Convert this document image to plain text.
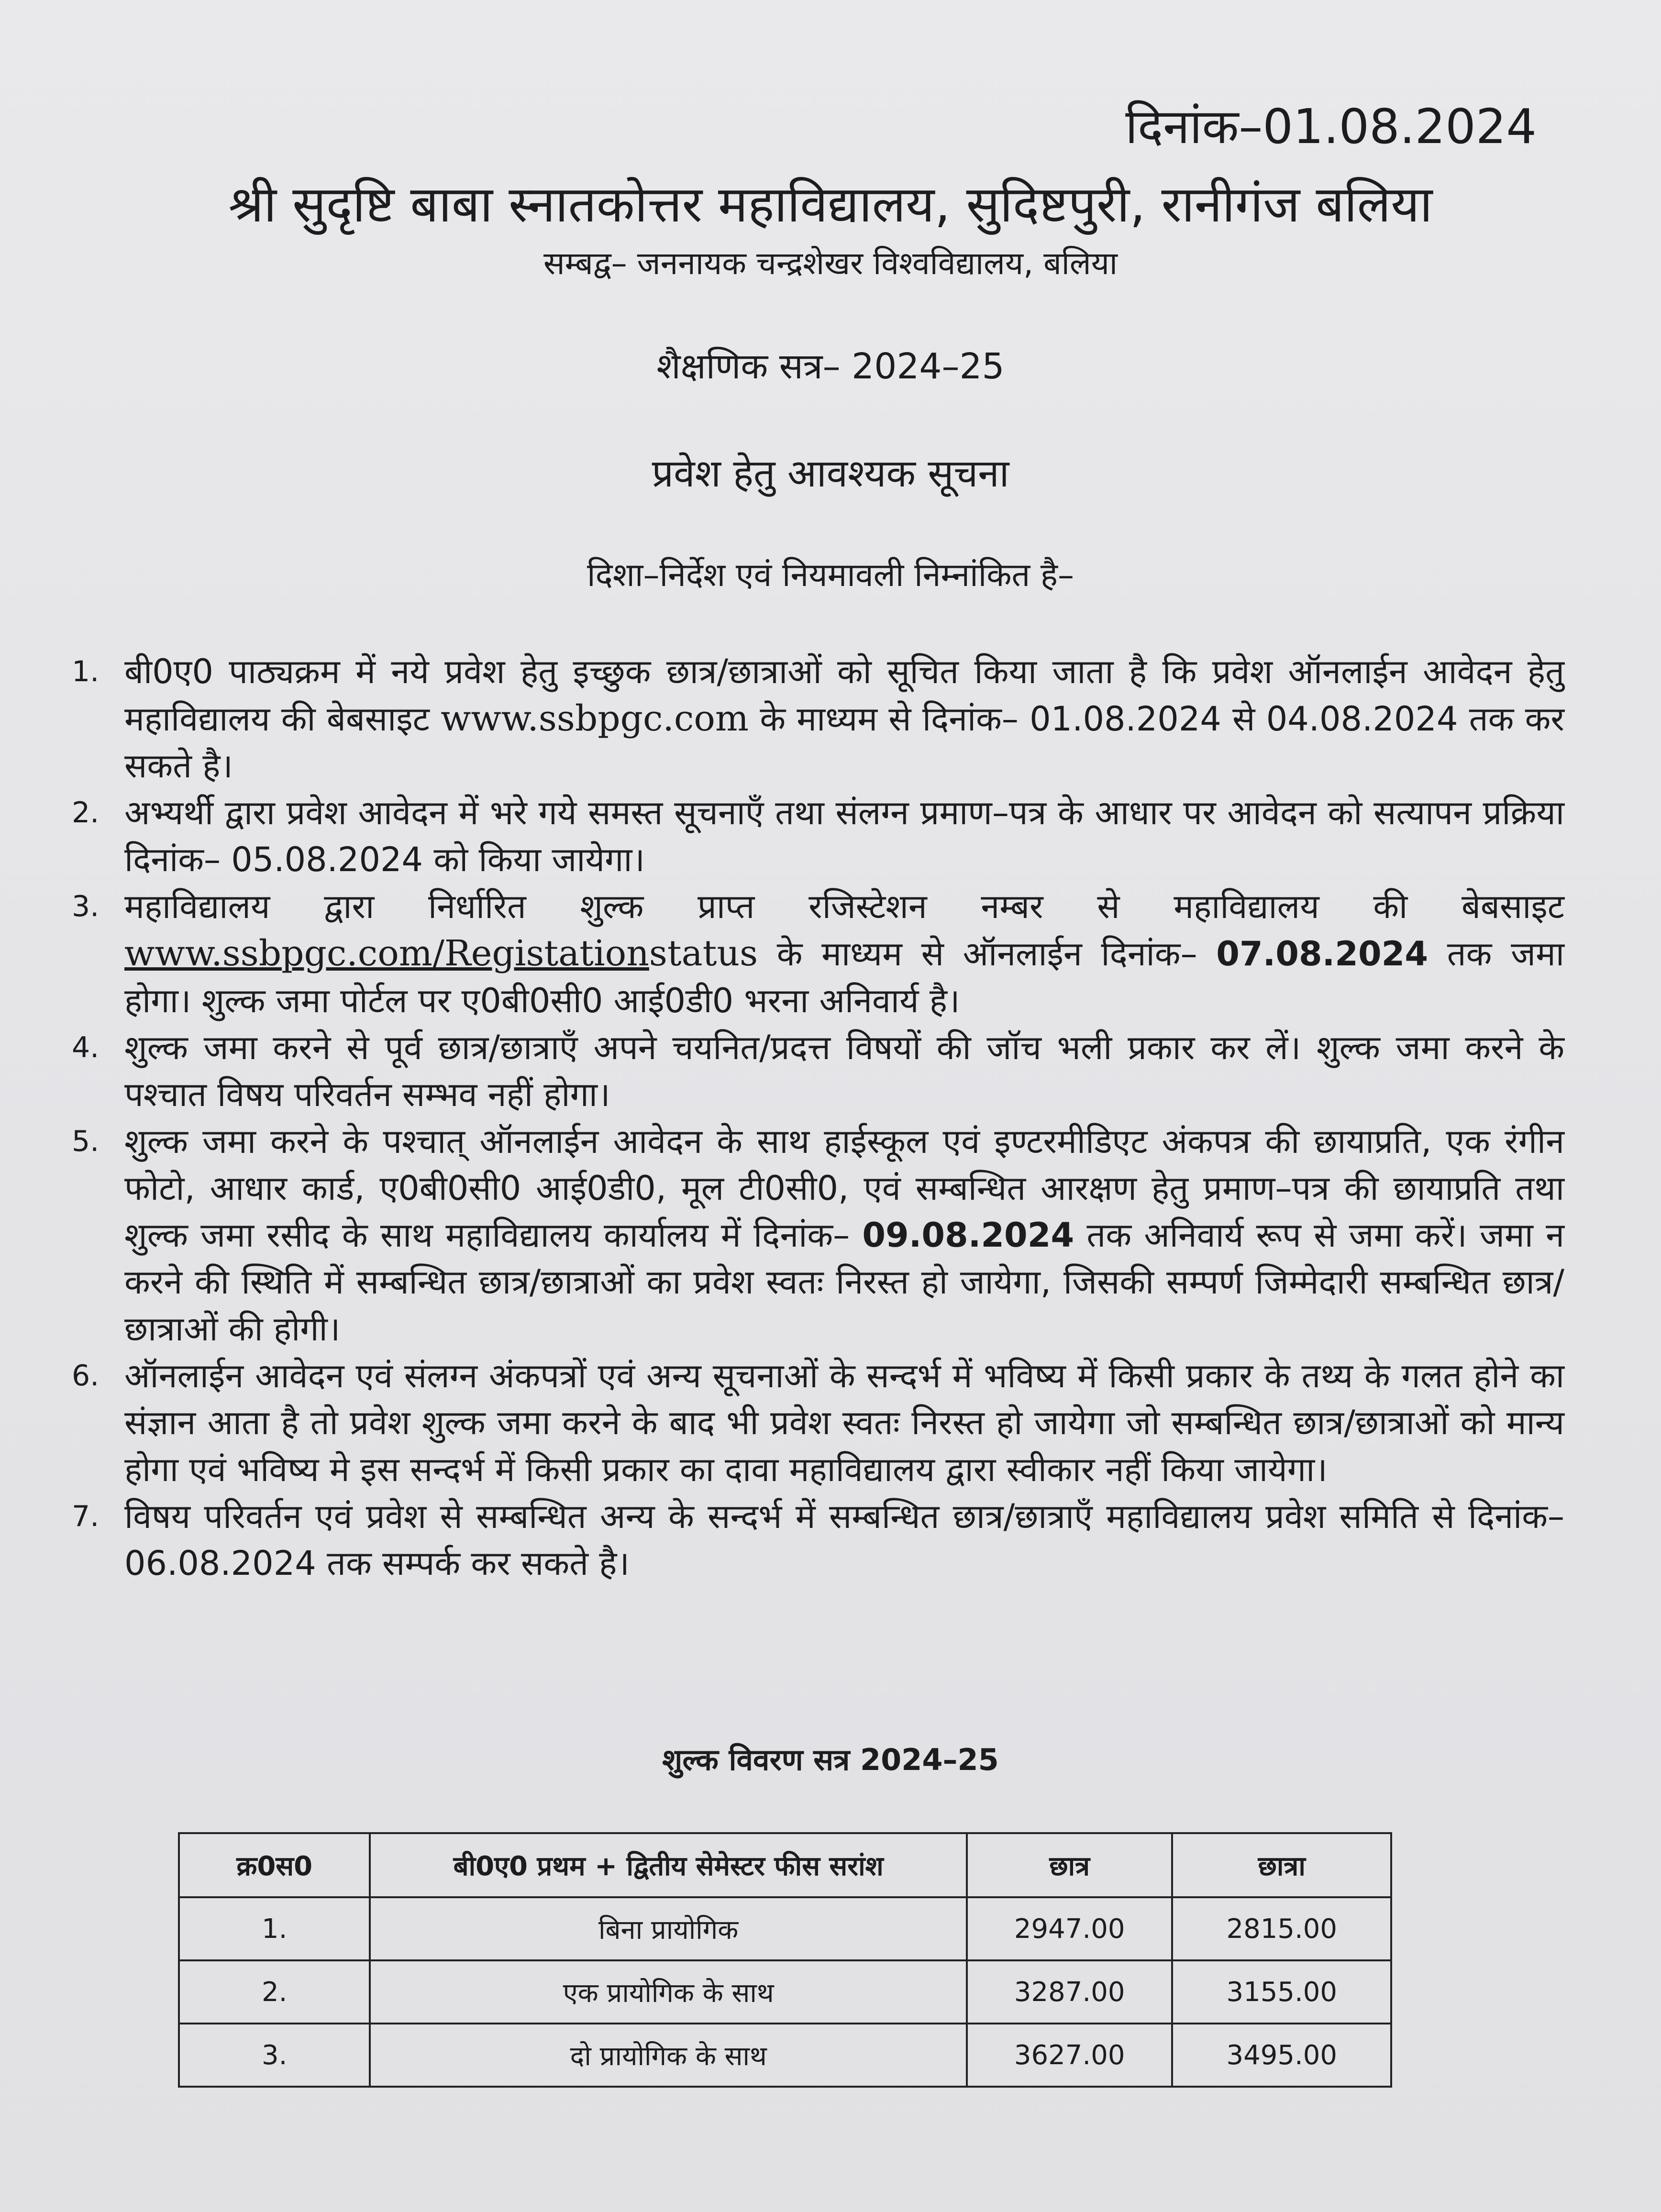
दिनांक–01.08.2024
श्री सुदृष्टि बाबा स्नातकोत्तर महाविद्यालय, सुदिष्टपुरी, रानीगंज बलिया
सम्बद्व– जननायक चन्द्रशेखर विश्वविद्यालय, बलिया
शैक्षणिक सत्र– 2024–25
प्रवेश हेतु आवश्यक सूचना
दिशा–निर्देश एवं नियमावली निम्नांकित है–
1. बी0ए0 पाठ्यक्रम में नये प्रवेश हेतु इच्छुक छात्र/छात्राओं को सूचित किया जाता है कि प्रवेश ऑनलाईन आवेदन हेतु महाविद्यालय की बेबसाइट www.ssbpgc.com के माध्यम से दिनांक– 01.08.2024 से 04.08.2024 तक कर सकते है।
2. अभ्यर्थी द्वारा प्रवेश आवेदन में भरे गये समस्त सूचनाएँ तथा संलग्न प्रमाण–पत्र के आधार पर आवेदन को सत्यापन प्रक्रिया दिनांक– 05.08.2024 को किया जायेगा।
3. महाविद्यालय द्वारा निर्धारित शुल्क प्राप्त रजिस्टेशन नम्बर से महाविद्यालय की बेबसाइट www.ssbpgc.com/Registationstatus के माध्यम से ऑनलाईन दिनांक– 07.08.2024 तक जमा होगा। शुल्क जमा पोर्टल पर ए0बी0सी0 आई0डी0 भरना अनिवार्य है।
4. शुल्क जमा करने से पूर्व छात्र/छात्राएँ अपने चयनित/प्रदत्त विषयों की जॉच भली प्रकार कर लें। शुल्क जमा करने के पश्चात विषय परिवर्तन सम्भव नहीं होगा।
5. शुल्क जमा करने के पश्चात् ऑनलाईन आवेदन के साथ हाईस्कूल एवं इण्टरमीडिएट अंकपत्र की छायाप्रति, एक रंगीन फोटो, आधार कार्ड, ए0बी0सी0 आई0डी0, मूल टी0सी0, एवं सम्बन्धित आरक्षण हेतु प्रमाण–पत्र की छायाप्रति तथा शुल्क जमा रसीद के साथ महाविद्यालय कार्यालय में दिनांक– 09.08.2024 तक अनिवार्य रूप से जमा करें। जमा न करने की स्थिति में सम्बन्धित छात्र/छात्राओं का प्रवेश स्वतः निरस्त हो जायेगा, जिसकी सम्पर्ण जिम्मेदारी सम्बन्धित छात्र/छात्राओं की होगी।
6. ऑनलाईन आवेदन एवं संलग्न अंकपत्रों एवं अन्य सूचनाओं के सन्दर्भ में भविष्य में किसी प्रकार के तथ्य के गलत होने का संज्ञान आता है तो प्रवेश शुल्क जमा करने के बाद भी प्रवेश स्वतः निरस्त हो जायेगा जो सम्बन्धित छात्र/छात्राओं को मान्य होगा एवं भविष्य मे इस सन्दर्भ में किसी प्रकार का दावा महाविद्यालय द्वारा स्वीकार नहीं किया जायेगा।
7. विषय परिवर्तन एवं प्रवेश से सम्बन्धित अन्य के सन्दर्भ में सम्बन्धित छात्र/छात्राएँ महाविद्यालय प्रवेश समिति से दिनांक– 06.08.2024 तक सम्पर्क कर सकते है।
शुल्क विवरण सत्र 2024–25
क्र0स0	बी0ए0 प्रथम + द्वितीय सेमेस्टर फीस सरांश	छात्र	छात्रा
1.	बिना प्रायोगिक	2947.00	2815.00
2.	एक प्रायोगिक के साथ	3287.00	3155.00
3.	दो प्रायोगिक के साथ	3627.00	3495.00
